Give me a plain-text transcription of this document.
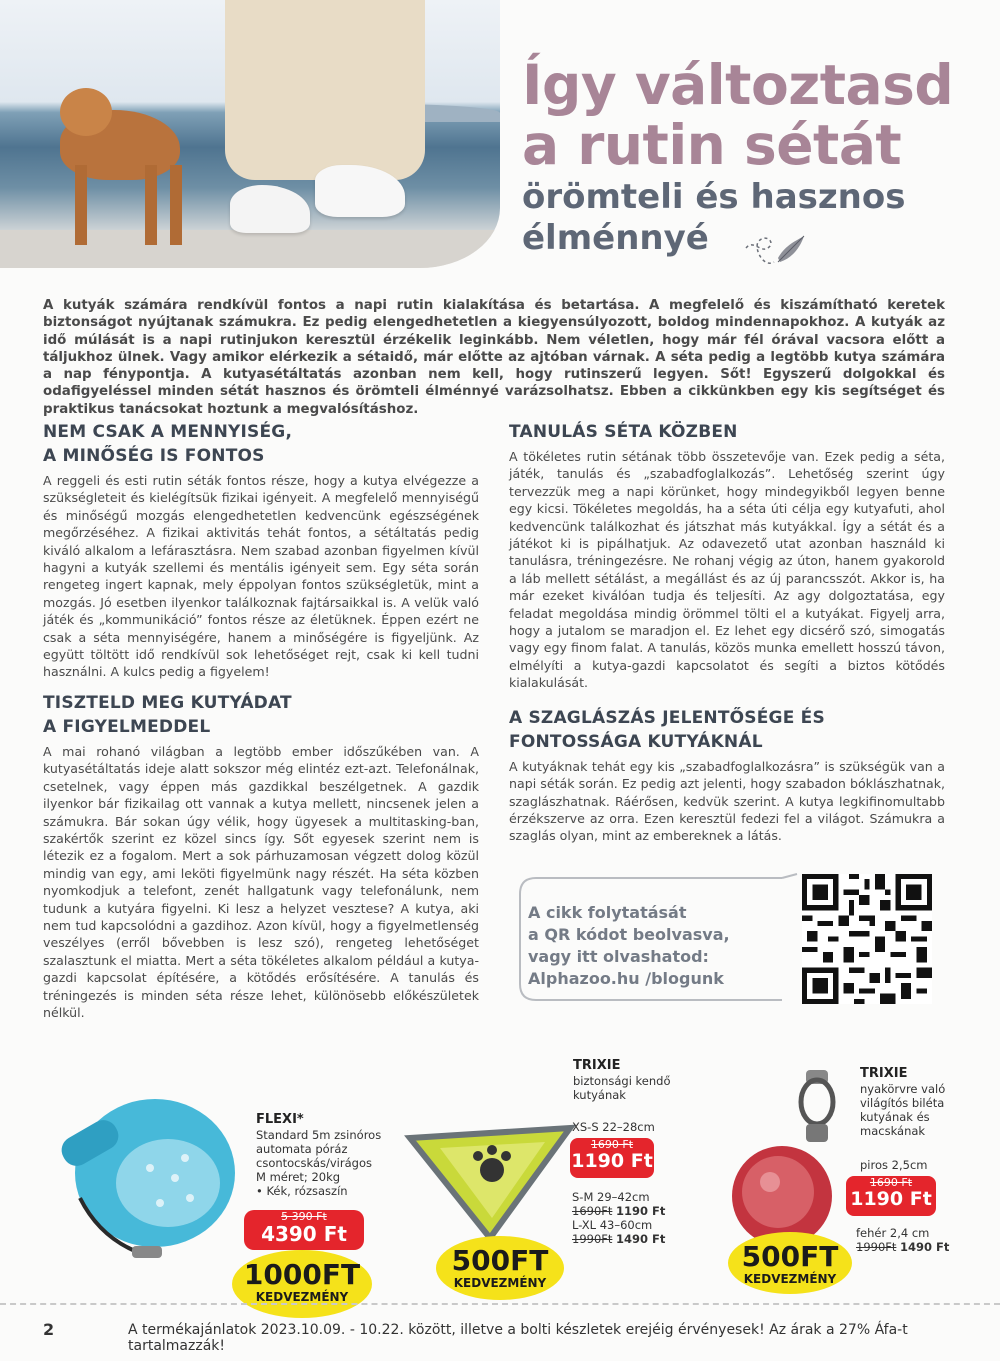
Így változtasd
a rutin sétát
örömteli és hasznos
élménnyé

A kutyák számára rendkívül fontos a napi rutin kialakítása és betartása. A megfelelő és kiszámítható keretek biztonságot nyújtanak számukra. Ez pedig elengedhetetlen a kiegyensúlyozott, boldog mindennapokhoz. A kutyák az idő múlását is a napi rutinjukon keresztül érzékelik leginkább. Nem véletlen, hogy már fél órával vacsora előtt a táljukhoz ülnek. Vagy amikor elérkezik a sétaidő, már előtte az ajtóban várnak. A séta pedig a legtöbb kutya számára a nap fénypontja. A kutyasétáltatás azonban nem kell, hogy rutinszerű legyen. Sőt! Egyszerű dolgokkal és odafigyeléssel minden sétát hasznos és örömteli élménnyé varázsolhatsz. Ebben a cikkünkben egy kis segítséget és praktikus tanácsokat hoztunk a megvalósításhoz.

NEM CSAK A MENNYISÉG,
A MINŐSÉG IS FONTOS

A reggeli és esti rutin séták fontos része, hogy a kutya elvégezze a szükségleteit és kielégítsük fizikai igényeit. A megfelelő mennyiségű és minőségű mozgás elengedhetetlen kedvencünk egészségének megőrzéséhez. A fizikai aktivitás tehát fontos, a sétáltatás pedig kiváló alkalom a lefárasztásra. Nem szabad azonban figyelmen kívül hagyni a kutyák szellemi és mentális igényeit sem. Egy séta során rengeteg ingert kapnak, mely éppolyan fontos szükségletük, mint a mozgás. Jó esetben ilyenkor találkoznak fajtársaikkal is. A velük való játék és „kommunikáció” fontos része az életüknek. Éppen ezért ne csak a séta mennyiségére, hanem a minőségére is figyeljünk. Az együtt töltött idő rendkívül sok lehetőséget rejt, csak ki kell tudni használni. A kulcs pedig a figyelem!

TISZTELD MEG KUTYÁDAT
A FIGYELMEDDEL

A mai rohanó világban a legtöbb ember időszűkében van. A kutyasétáltatás ideje alatt sokszor még elintéz ezt-azt. Telefonálnak, csetelnek, vagy éppen más gazdikkal beszélgetnek. A gazdik ilyenkor bár fizikailag ott vannak a kutya mellett, nincsenek jelen a számukra. Bár sokan úgy vélik, hogy ügyesek a multitasking-ban, szakértők szerint ez közel sincs így. Sőt egyesek szerint nem is létezik ez a fogalom. Mert a sok párhuzamosan végzett dolog közül mindig van egy, ami leköti figyelmünk nagy részét. Ha séta közben nyomkodjuk a telefont, zenét hallgatunk vagy telefonálunk, nem tudunk a kutyára figyelni. Ki lesz a helyzet vesztese? A kutya, aki nem tud kapcsolódni a gazdihoz. Azon kívül, hogy a figyelmetlenség veszélyes (erről bővebben is lesz szó), rengeteg lehetőséget szalasztunk el miatta. Mert a séta tökéletes alkalom például a kutya-gazdi kapcsolat építésére, a kötődés erősítésére. A tanulás és tréningezés is minden séta része lehet, különösebb előkészületek nélkül.

TANULÁS SÉTA KÖZBEN

A tökéletes rutin sétának több összetevője van. Ezek pedig a séta, játék, tanulás és „szabadfoglalkozás”. Lehetőség szerint úgy tervezzük meg a napi körünket, hogy mindegyikből legyen benne egy kicsi. Tökéletes megoldás, ha a séta úti célja egy kutyafuti, ahol kedvencünk találkozhat és játszhat más kutyákkal. Így a sétát és a játékot ki is pipálhatjuk. Az odavezető utat azonban használd ki tanulásra, tréningezésre. Ne rohanj végig az úton, hanem gyakorold a láb mellett sétálást, a megállást és az új parancsszót. Akkor is, ha már ezeket kiválóan tudja és teljesíti. Az agy dolgoztatása, egy feladat megoldása mindig örömmel tölti el a kutyákat. Figyelj arra, hogy a jutalom se maradjon el. Ez lehet egy dicsérő szó, simogatás vagy egy finom falat. A tanulás, közös munka emellett hosszú távon, elmélyíti a kutya-gazdi kapcsolatot és segíti a biztos kötődés kialakulását.

A SZAGLÁSZÁS JELENTŐSÉGE ÉS
FONTOSSÁGA KUTYÁKNÁL

A kutyáknak tehát egy kis „szabadfoglalkozásra” is szükségük van a napi séták során. Ez pedig azt jelenti, hogy szabadon bóklászhatnak, szaglászhatnak. Ráérősen, kedvük szerint. A kutya legkifinomultabb érzékszerve az orra. Ezen keresztül fedezi fel a világot. Számukra a szaglás olyan, mint az embereknek a látás.

A cikk folytatását
a QR kódot beolvasva,
vagy itt olvashatod:
Alphazoo.hu /blogunk
FLEXI*
Standard 5m zsinóros
automata póráz
csontocskás/virágos
M méret; 20kg
• Kék, rózsaszín
5 390 Ft
4390 Ft
1000FT
KEDVEZMÉNY
TRIXIE
biztonsági kendő
kutyának
XS-S 22–28cm
1690 Ft
1190 Ft
S-M 29–42cm
1690Ft 1190 Ft
L-XL 43–60cm
1990Ft 1490 Ft
500FT
KEDVEZMÉNY
TRIXIE
nyakörvre való
világítós biléta
kutyának és
macskának
piros 2,5cm
1690 Ft
1190 Ft
fehér 2,4 cm
1990Ft 1490 Ft
500FT
KEDVEZMÉNY
2	A termékajánlatok 2023.10.09. - 10.22. között, illetve a bolti készletek erejéig érvényesek! Az árak a 27% Áfa-t tartalmazzák!
